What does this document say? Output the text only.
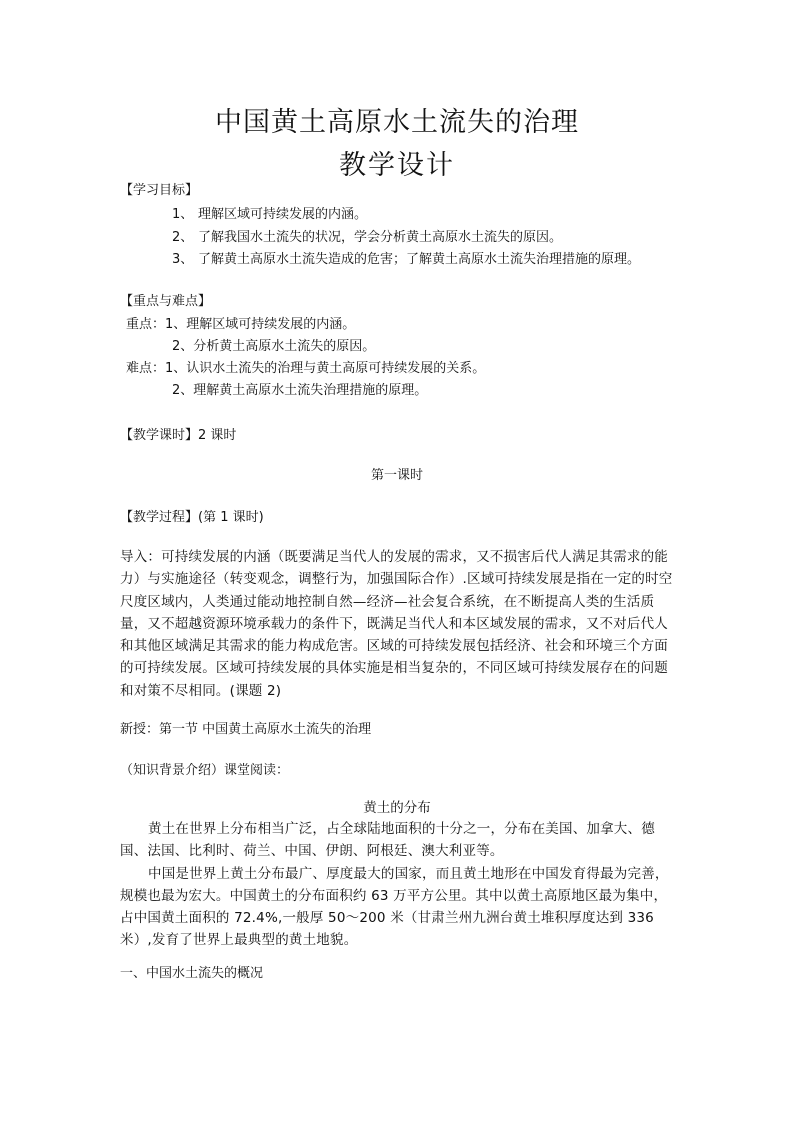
中国黄土高原水土流失的治理
教学设计
【学习目标】
1、 理解区域可持续发展的内涵。
2、 了解我国水土流失的状况，学会分析黄土高原水土流失的原因。
3、 了解黄土高原水土流失造成的危害；了解黄土高原水土流失治理措施的原理。
【重点与难点】
重点：1、理解区域可持续发展的内涵。
2、分析黄土高原水土流失的原因。
难点：1、认识水土流失的治理与黄土高原可持续发展的关系。
2、理解黄土高原水土流失治理措施的原理。
【教学课时】2 课时
第一课时
【教学过程】(第 1 课时)

导入：可持续发展的内涵（既要满足当代人的发展的需求，又不损害后代人满足其需求的能力）与实施途径（转变观念，调整行为，加强国际合作）.区域可持续发展是指在一定的时空尺度区域内，人类通过能动地控制自然—经济—社会复合系统，在不断提高人类的生活质量，又不超越资源环境承载力的条件下，既满足当代人和本区域发展的需求，又不对后代人和其他区域满足其需求的能力构成危害。区域的可持续发展包括经济、社会和环境三个方面的可持续发展。区域可持续发展的具体实施是相当复杂的，不同区域可持续发展存在的问题和对策不尽相同。(课题 2)

新授：第一节 中国黄土高原水土流失的治理
（知识背景介绍）课堂阅读：
黄土的分布

黄土在世界上分布相当广泛，占全球陆地面积的十分之一，分布在美国、加拿大、德国、法国、比利时、荷兰、中国、伊朗、阿根廷、澳大利亚等。

中国是世界上黄土分布最广、厚度最大的国家，而且黄土地形在中国发育得最为完善，规模也最为宏大。中国黄土的分布面积约 63 万平方公里。其中以黄土高原地区最为集中，占中国黄土面积的 72.4%,一般厚 50～200 米（甘肃兰州九洲台黄土堆积厚度达到 336 米）,发育了世界上最典型的黄土地貌。

一、中国水土流失的概况
